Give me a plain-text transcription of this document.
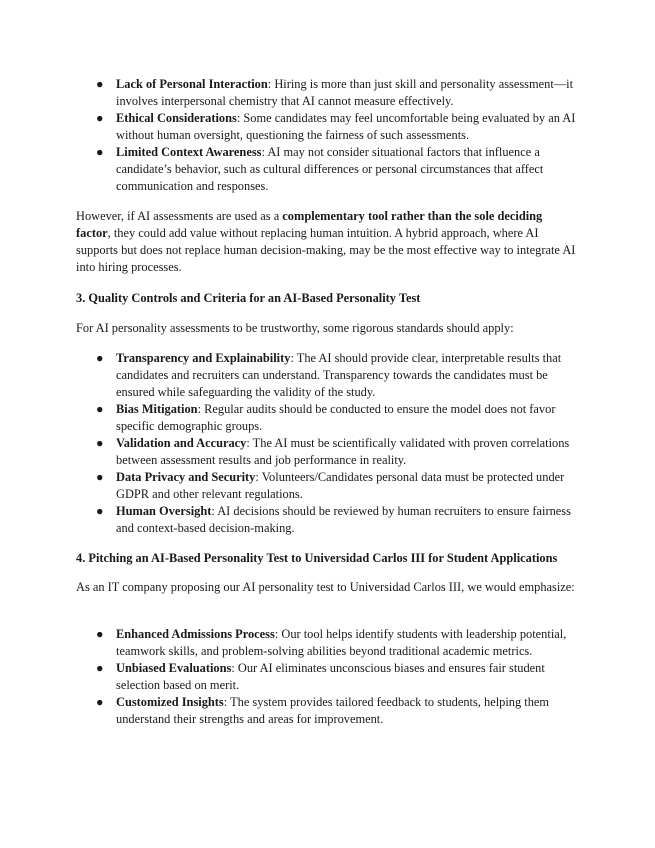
●	Lack of Personal Interaction: Hiring is more than just skill and personality assessment—it involves interpersonal chemistry that AI cannot measure effectively.
●	Ethical Considerations: Some candidates may feel uncomfortable being evaluated by an AI without human oversight, questioning the fairness of such assessments.
●	Limited Context Awareness: AI may not consider situational factors that influence a candidate’s behavior, such as cultural differences or personal circumstances that affect communication and responses.

However, if AI assessments are used as a complementary tool rather than the sole deciding factor, they could add value without replacing human intuition. A hybrid approach, where AI supports but does not replace human decision-making, may be the most effective way to integrate AI into hiring processes.

3. Quality Controls and Criteria for an AI-Based Personality Test

For AI personality assessments to be trustworthy, some rigorous standards should apply:

●	Transparency and Explainability: The AI should provide clear, interpretable results that candidates and recruiters can understand. Transparency towards the candidates must be ensured while safeguarding the validity of the study.
●	Bias Mitigation: Regular audits should be conducted to ensure the model does not favor specific demographic groups.
●	Validation and Accuracy: The AI must be scientifically validated with proven correlations between assessment results and job performance in reality.
●	Data Privacy and Security: Volunteers/Candidates personal data must be protected under GDPR and other relevant regulations.
●	Human Oversight: AI decisions should be reviewed by human recruiters to ensure fairness and context-based decision-making.

4. Pitching an AI-Based Personality Test to Universidad Carlos III for Student Applications

As an IT company proposing our AI personality test to Universidad Carlos III, we would emphasize:

●	Enhanced Admissions Process: Our tool helps identify students with leadership potential, teamwork skills, and problem-solving abilities beyond traditional academic metrics.
●	Unbiased Evaluations: Our AI eliminates unconscious biases and ensures fair student selection based on merit.
●	Customized Insights: The system provides tailored feedback to students, helping them understand their strengths and areas for improvement.
